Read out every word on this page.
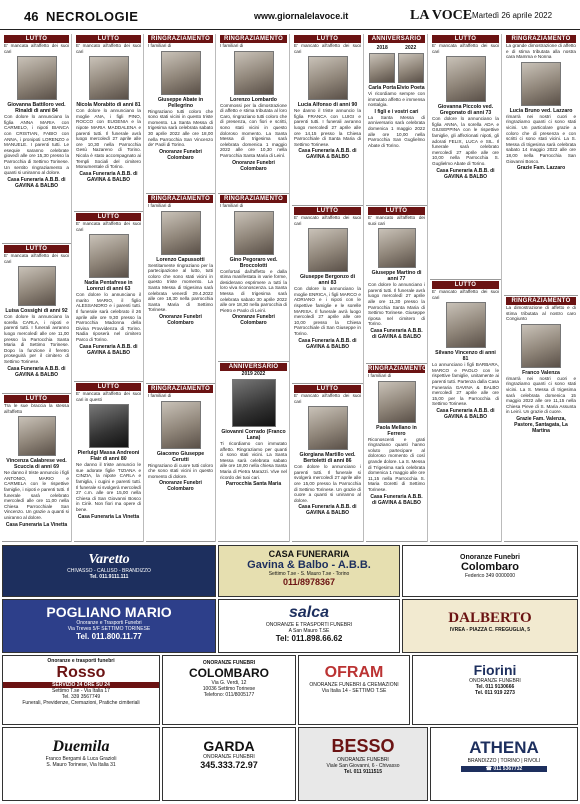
46 NECROLOGIE	www.giornalelavoce.it	LA VOCE Martedì 26 aprile 2022
LUTTO
E' mancata all'affetto dei suoi cari
Giovanna Battiloro ved. Rinaldi di anni 84
Con dolore lo annunciano la figlia ANNA MARIA con CARMELO, i nipoti BIANCA con CRISTIAN, FABIO con ANNA, i pronipoti LORENZO e MANUELE. I parenti tutti. Le esequie saranno celebrate giovedì alle ore 15,30 presso la Parrocchia di Settimo Torinese. Un sentito ringraziamento a quanti si uniranno al dolore.
Casa Funeraria A.B.B. di GAVINA & BALBO
LUTTO
E' mancata all'affetto dei suoi cari
Luisa Cossighi di anni 92
Con dolore lo annunciano la sorella CARLA, i nipoti e parenti tutti. I funerali avranno luogo mercoledì alle ore 11,00 presso la Parrocchia Santa Maria di Settimo Torinese. Dopo la funzione il feretro proseguirà per il cimitero di Settimo Torinese.
Casa Funeraria A.B.B. di GAVINA & BALBO
LUTTO
Tra le sue braccia la stessa all'affetto
Vincenza Calabrese ved. Scuccia di anni 69
Ne danno il triste annuncio i figli ANTONIO, MARIO e CARMELA con le rispettive famiglie, i nipoti e parenti tutti. Il funerale sarà celebrato mercoledì alle ore 11,00 nella Chiesa Parrocchiale San Vincenzo. Un grazie a quanti si uniranno al dolore.
Casa Funeraria La Vinetta
LUTTO
E' mancato all'affetto dei suoi cari
Nicola Morabito di anni 81
Con dolore lo annunciano la moglie ANA, i figli PINO, ROCCO con EUGENIA e la nipote MARIA MADDALENA e parenti tutti. Il funerale avrà luogo mercoledì 27 aprile alle ore 10,30 nella Parrocchia Gesù Nazareno di Torino. Nicola è stato accompagnato ai Templi Sociali del cimitero Monumentale di Torino.
Casa Funeraria A.B.B. di GAVINA & BALBO
LUTTO
E' mancata all'affetto dei suoi cari
Nadia Pentafrese in Lorenzi di anni 63
Con dolore lo annunciano il marito MARIO, il figlio ALESSANDRO e i parenti tutti. Il funerale sarà celebrato il 26 aprile alle ore 9,30 presso la Parrocchia Madonna della Divina Provvidenza di Torino. Nadia riposerà nel cimitero Parco di Torino.
Casa Funeraria A.B.B. di GAVINA & BALBO
LUTTO
E' mancata all'affetto dei suoi cari in questi
Pierluigi Massa Andreoni Flair di anni 80
Ne danno il triste annuncio le sue adorate figlie TIZIANA e CINZIA, la nipote CARLA e famiglia, i cugini e parenti tutti. Il funerale si svolgerà mercoledì 27 c.m. alle ore 15,00 nella Chiesa di San Giovanni Bosco in Ciriè. Non fiori ma opere di bene.
Casa Funeraria La Vinetta
RINGRAZIAMENTO
I familiari di
Giuseppe Abate in Pellegrino
Ringraziano tutti coloro che sono stati vicini in questo triste momento. La Santa Messa di trigesima sarà celebrata sabato 30 aprile 2022 alle ore 18,00 nella Parrocchia San Vincenzo de' Paoli di Torino.
Onoranze Funebri Colombaro
RINGRAZIAMENTO
I familiari di
Lorenzo Capussotti
Sentitamente ringraziano per la partecipazione al lutto, tutti coloro che sono stati vicini in questo triste momento. La Santa Messa di trigesima sarà celebrata venerdì 29.4.2022 alle ore 18,30 nella parrocchia Santa Maria di Settimo Torinese.
Onoranze Funebri Colombaro
RINGRAZIAMENTO
I familiari di
Giacomo Giuseppe Cerutti
Ringraziano di cuore tutti coloro che sono stati vicini in questo momento di dolore.
Onoranze Funebri Colombaro
RINGRAZIAMENTO
I familiari di
Lorenzo Lombardo
Commossi per la dimostrazione di affetto e stima tributata al loro Caro, ringraziano tutti coloro che di presenza, con fiori e scritti, sono stati vicini in questo doloroso momento. La Santa Messa di trigesima sarà celebrata domenica 1 maggio 2022 alle ore 10,30 nella Parrocchia Santa Maria di Leinì.
Onoranze Funebri Colombaro
RINGRAZIAMENTO
I familiari di
Gino Pegoraro ved. Broccolotti
Confortati dall'affetto e dalla stima manifestata in varie forme, desiderano esprimere a tutti la loro viva riconoscenza. La Santa Messa di trigesima sarà celebrata sabato 30 aprile 2022 alle ore 18,30 nella parrocchia di Pietro e Paolo di Leinì.
Onoranze Funebri Colombaro
ANNIVERSARIO
2019 2022
Giovanni Corrado (Franco Lana)
Ti ricordiamo con immutato affetto. Ringraziamo per quanti ci sono stati vicini. La Santa Messa sarà celebrata sabato alle ore 18,00 nella chiesa Santa Maria di Pietra Marazzi. Vive nel ricordo dei tuoi cari.
Parrocchia Santa Maria
LUTTO
E' mancato all'affetto dei suoi cari
Lucia Alfonso di anni 90
Ne danno il triste annuncio la figlia FRANCA con LUIGI e parenti tutti. I funerali avranno luogo mercoledì 27 aprile alle ore 14,15 presso la Chiesa Parrocchiale di Santa Maria di Settimo Torinese.
Casa Funeraria A.B.B. di GAVINA & BALBO
LUTTO
E' mancato all'affetto dei suoi cari
Giuseppe Bergonzo di anni 83
Con dolore lo annunciano la moglie ENRICA, i figli MARCO e ADRIANO e i nipoti con le rispettive famiglie e le sorelle MARISA. Il funerale avrà luogo mercoledì 27 aprile alle ore 10,00 presso la Chiesa Parrocchiale di San Giuseppe in Torino.
Casa Funeraria A.B.B. di GAVINA & BALBO
LUTTO
E' mancato all'affetto dei suoi cari
Giorgiana Martillo ved. Bertoletti di anni 86
Con dolore lo annunciano i parenti tutti. Il funerale si svolgerà mercoledì 27 aprile alle ore 15,00 presso la Parrocchia di Settimo Torinese. Un grazie di cuore a quanti si uniranno al dolore.
Casa Funeraria A.B.B. di GAVINA & BALBO
ANNIVERSARIO
2018
Carla Porta
2022
Elvio Poeta
Vi ricordiamo sempre con immutato affetto e immensa nostalgia.
I figli e i vostri cari
La Santa Messa di anniversario sarà celebrata domenica 1 maggio 2022 alle ore 10,00 nella Parrocchia San Guglielmo Abate di Torino.
LUTTO
E' mancato all'affetto dei suoi cari
Giuseppe Martino di anni 77
Con dolore lo annunciano i parenti tutti. Il funerale avrà luogo mercoledì 27 aprile alle ore 11,30 presso la Parrocchia Santa Maria di Settimo Torinese. Giuseppe riposa nel cimitero di Torino.
Casa Funeraria A.B.B. di GAVINA & BALBO
RINGRAZIAMENTO
I familiari di
Paola Mellano in Ferrero
Riconoscenti e grati ringraziano quanti hanno voluto partecipare al doloroso momento di così grande dolore. La S. Messa di Trigesima sarà celebrata domenica 1 maggio alle ore 11,15 nella Parrocchia S. Maria Goretti di Settimo Torinese.
Casa Funeraria A.B.B. di GAVINA & BALBO
LUTTO
E' mancata all'affetto dei suoi cari
Giovanna Piccolo ved. Gregonato di anni 73
Con dolore lo annunciano la figlia ANNA, la sorella ADA e GIUSEPPINA con le rispettive famiglie, gli affezionati nipoti, gli adorati FELIX, LUCA e SIL. Il funerale sarà celebrato mercoledì 27 aprile alle ore 10,00 nella Parrocchia S. Guglielmo Abate di Torino.
Casa Funeraria A.B.B. di GAVINA & BALBO
LUTTO
E' mancato all'affetto dei suoi cari
Silvano Vincenzo di anni 81
Lo annunciano i figli BARBARA, MARCO e PAOLO con le rispettive famiglie, unitamente ai parenti tutti. Partenza dalla Casa Funeraria GAVINA & BALBO mercoledì 27 aprile alle ore 15,00 per la Parrocchia di Settimo Torinese.
Casa Funeraria A.B.B. di GAVINA & BALBO
RINGRAZIAMENTO
La grande dimostrazione di affetto e di stima tributata alla nostra cara Mamma e Nonna
Lucia Bruno ved. Lazzaro
rimarrà nei nostri cuori e ringraziamo quanti ci sono stati vicini. Un particolare grazie a coloro che di presenza e con scritti ci sono stati vicini. La S. Messa di trigesima sarà celebrata sabato 14 maggio 2022 alle ore 18,00 nella Parrocchia San Giovanni Bosco.
Grazie Fam. Lazzaro
RINGRAZIAMENTO
La dimostrazione di affetto e di stima tributata al nostro caro Congiunto
Franco Valenza
rimarrà nei nostri cuori e ringraziamo quanti ci sono stati vicini. La S. Messa di trigesima sarà celebrata domenica 15 maggio 2022 alle ore 11,15 nella Chiesa Pieve di S. Maria Assunta in Leinì. Un grazie di cuore.
Grazie Fam. Valenza, Pastore, Santagata, La Martina
Varetto
CHIVASSO - CALUSO - BRANDIZZO
Tel. 011.9111.111
CASA FUNERARIA
Gavina & Balbo - A.B.B.
Settimo T.se - S. Mauro T.se - Torino
011/8978367
Onoranze Funebri
Colombaro
Federico 349 0000000
POGLIANO MARIO
Onoranze e Trasporti Funebri
Via Treves 5/F SETTIMO TORINESE
Tel. 011.800.11.77
salca
ONORANZE E TRASPORTI FUNEBRI
A San Mauro T.SE
Tel: 011.898.66.62
DALBERTO
IVREA - PIAZZA C. FREGUGLIA, 5
Onoranze e trasporti funebri
Rosso
SERVIZIO 24 ORE SU 24
Settimo T.se - Via Italia 17
Tel. 339 3567749
Funerali, Previdenze, Cremazioni, Pratiche cimiteriali
ONORANZE FUNEBRI
COLOMBARO
Via G. Verdi, 12
10036 Settimo Torinese
Telefono: 011/8005177
OFRAM
ONORANZE FUNEBRI & CREMAZIONI
Via Italia 14 - SETTIMO T.SE
Fiorini
ONORANZE FUNEBRI
Tel. 011 9130666
Tel. 011 919 2273
Duemila
Franco Bergami & Luca Grazioli
S. Mauro Torinese, Via Italia 31
GARDA
ONORANZE FUNEBRI
345.333.72.97
BESSO
ONORANZE FUNEBRI
Viale San Giovanni, 6 - Chivasso
Tel. 011 9111515
ATHENA
BRANDIZZO | TORINO | RIVOLI
☎ 011 5367732
